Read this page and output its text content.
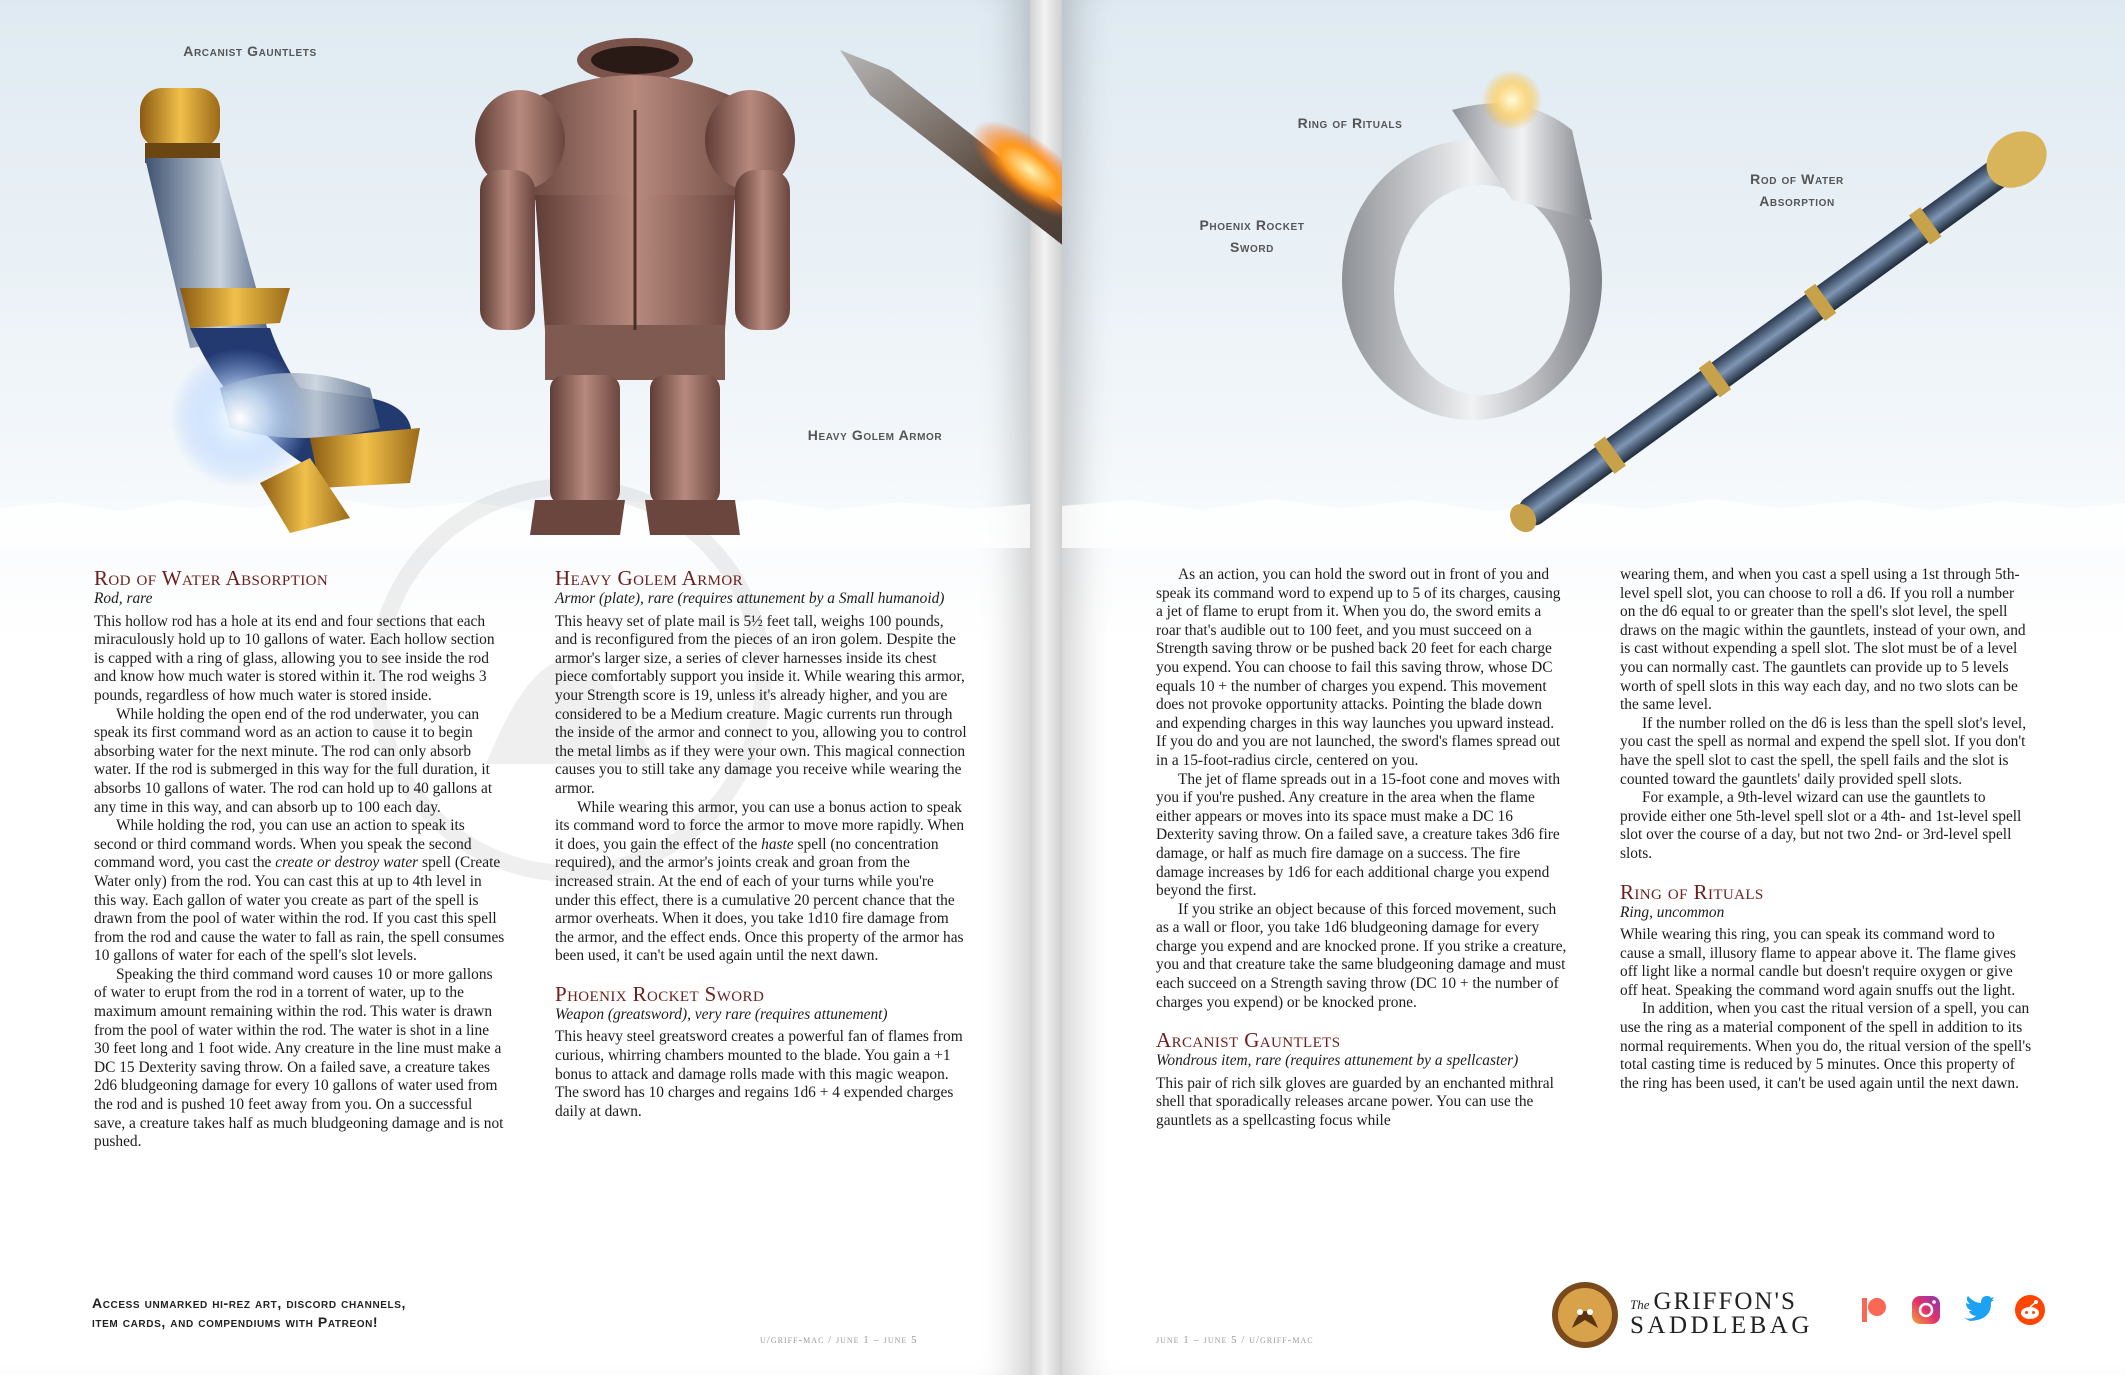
Arcanist Gauntlets
Heavy Golem Armor
Rod of Water Absorption
Rod, rare

This hollow rod has a hole at its end and four sections that each miraculously hold up to 10 gallons of water. Each hollow section is capped with a ring of glass, allowing you to see inside the rod and know how much water is stored within it. The rod weighs 3 pounds, regardless of how much water is stored inside.

While holding the open end of the rod underwater, you can speak its first command word as an action to cause it to begin absorbing water for the next minute. The rod can only absorb water. If the rod is submerged in this way for the full duration, it absorbs 10 gallons of water. The rod can hold up to 40 gallons at any time in this way, and can absorb up to 100 each day.

While holding the rod, you can use an action to speak its second or third command words. When you speak the second command word, you cast the create or destroy water spell (Create Water only) from the rod. You can cast this at up to 4th level in this way. Each gallon of water you create as part of the spell is drawn from the pool of water within the rod. If you cast this spell from the rod and cause the water to fall as rain, the spell consumes 10 gallons of water for each of the spell's slot levels.

Speaking the third command word causes 10 or more gallons of water to erupt from the rod in a torrent of water, up to the maximum amount remaining within the rod. This water is drawn from the pool of water within the rod. The water is shot in a line 30 feet long and 1 foot wide. Any creature in the line must make a DC 15 Dexterity saving throw. On a failed save, a creature takes 2d6 bludgeoning damage for every 10 gallons of water used from the rod and is pushed 10 feet away from you. On a successful save, a creature takes half as much bludgeoning damage and is not pushed.

Heavy Golem Armor
Armor (plate), rare (requires attunement by a Small humanoid)

This heavy set of plate mail is 5½ feet tall, weighs 100 pounds, and is reconfigured from the pieces of an iron golem. Despite the armor's larger size, a series of clever harnesses inside its chest piece comfortably support you inside it. While wearing this armor, your Strength score is 19, unless it's already higher, and you are considered to be a Medium creature. Magic currents run through the inside of the armor and connect to you, allowing you to control the metal limbs as if they were your own. This magical connection causes you to still take any damage you receive while wearing the armor.

While wearing this armor, you can use a bonus action to speak its command word to force the armor to move more rapidly. When it does, you gain the effect of the haste spell (no concentration required), and the armor's joints creak and groan from the increased strain. At the end of each of your turns while you're under this effect, there is a cumulative 20 percent chance that the armor overheats. When it does, you take 1d10 fire damage from the armor, and the effect ends. Once this property of the armor has been used, it can't be used again until the next dawn.

Phoenix Rocket Sword
Weapon (greatsword), very rare (requires attunement)

This heavy steel greatsword creates a powerful fan of flames from curious, whirring chambers mounted to the blade. You gain a +1 bonus to attack and damage rolls made with this magic weapon. The sword has 10 charges and regains 1d6 + 4 expended charges daily at dawn.

Access unmarked hi-rez art, discord channels,
item cards, and compendiums with Patreon!
u/griff-mac / june 1 – june 5
Ring of Rituals
Phoenix Rocket
Sword
Rod of Water
Absorption

As an action, you can hold the sword out in front of you and speak its command word to expend up to 5 of its charges, causing a jet of flame to erupt from it. When you do, the sword emits a roar that's audible out to 100 feet, and you must succeed on a Strength saving throw or be pushed back 20 feet for each charge you expend. You can choose to fail this saving throw, whose DC equals 10 + the number of charges you expend. This movement does not provoke opportunity attacks. Pointing the blade down and expending charges in this way launches you upward instead. If you do and you are not launched, the sword's flames spread out in a 15-foot-radius circle, centered on you.

The jet of flame spreads out in a 15-foot cone and moves with you if you're pushed. Any creature in the area when the flame either appears or moves into its space must make a DC 16 Dexterity saving throw. On a failed save, a creature takes 3d6 fire damage, or half as much fire damage on a success. The fire damage increases by 1d6 for each additional charge you expend beyond the first.

If you strike an object because of this forced movement, such as a wall or floor, you take 1d6 bludgeoning damage for every charge you expend and are knocked prone. If you strike a creature, you and that creature take the same bludgeoning damage and must each succeed on a Strength saving throw (DC 10 + the number of charges you expend) or be knocked prone.

Arcanist Gauntlets
Wondrous item, rare (requires attunement by a spellcaster)

This pair of rich silk gloves are guarded by an enchanted mithral shell that sporadically releases arcane power. You can use the gauntlets as a spellcasting focus while

wearing them, and when you cast a spell using a 1st through 5th-level spell slot, you can choose to roll a d6. If you roll a number on the d6 equal to or greater than the spell's slot level, the spell draws on the magic within the gauntlets, instead of your own, and is cast without expending a spell slot. The slot must be of a level you can normally cast. The gauntlets can provide up to 5 levels worth of spell slots in this way each day, and no two slots can be the same level.

If the number rolled on the d6 is less than the spell slot's level, you cast the spell as normal and expend the spell slot. If you don't have the spell slot to cast the spell, the spell fails and the slot is counted toward the gauntlets' daily provided spell slots.

For example, a 9th-level wizard can use the gauntlets to provide either one 5th-level spell slot or a 4th- and 1st-level spell slot over the course of a day, but not two 2nd- or 3rd-level spell slots.

Ring of Rituals
Ring, uncommon

While wearing this ring, you can speak its command word to cause a small, illusory flame to appear above it. The flame gives off light like a normal candle but doesn't require oxygen or give off heat. Speaking the command word again snuffs out the light.

In addition, when you cast the ritual version of a spell, you can use the ring as a material component of the spell in addition to its normal requirements. When you do, the ritual version of the spell's total casting time is reduced by 5 minutes. Once this property of the ring has been used, it can't be used again until the next dawn.

june 1 – june 5 / u/griff-mac
The GRIFFON'S
SADDLEBAG
